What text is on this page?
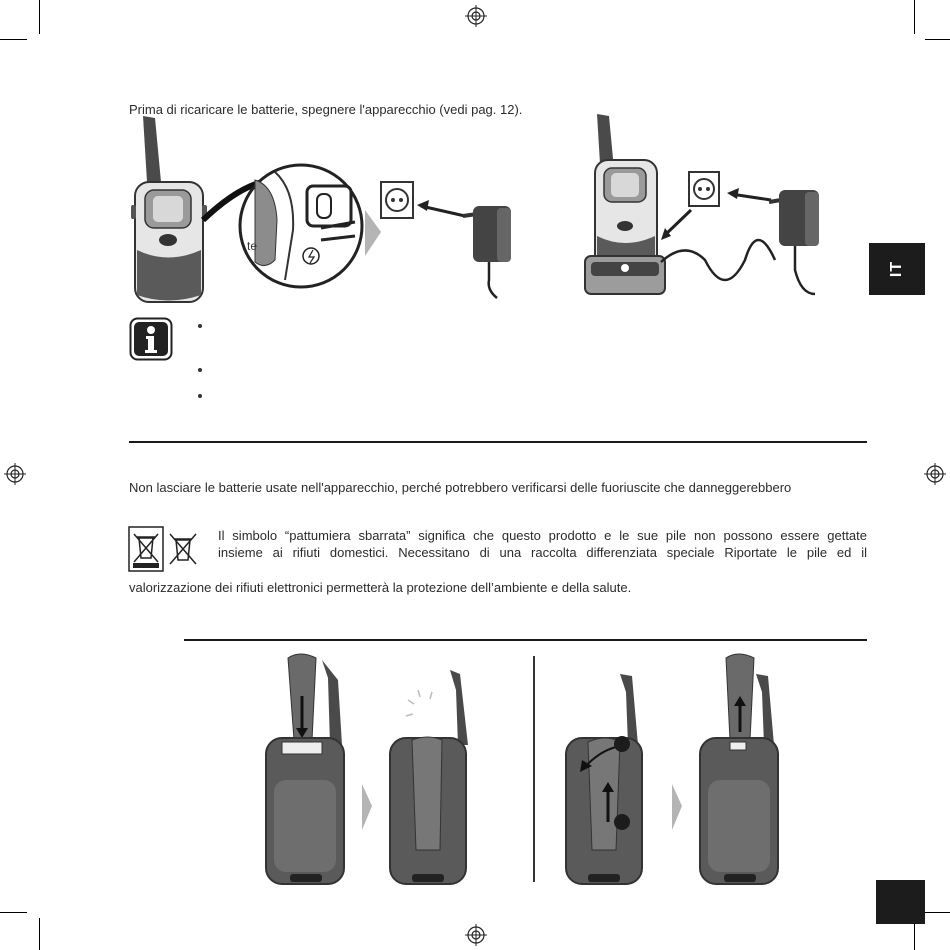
Prima di ricaricare le batterie, spegnere l'apparecchio (vedi pag. 12).
IT
te
Non lasciare le batterie usate nell'apparecchio, perché potrebbero verificarsi delle fuoriuscite che danneggerebbero
Il simbolo “pattumiera sbarrata” significa che questo prodotto e le sue pile non possono essere gettate
insieme ai rifiuti domestici. Necessitano di una raccolta differenziata speciale Riportate le pile ed il
valorizzazione dei rifiuti elettronici permetterà la protezione dell’ambiente e della salute.
